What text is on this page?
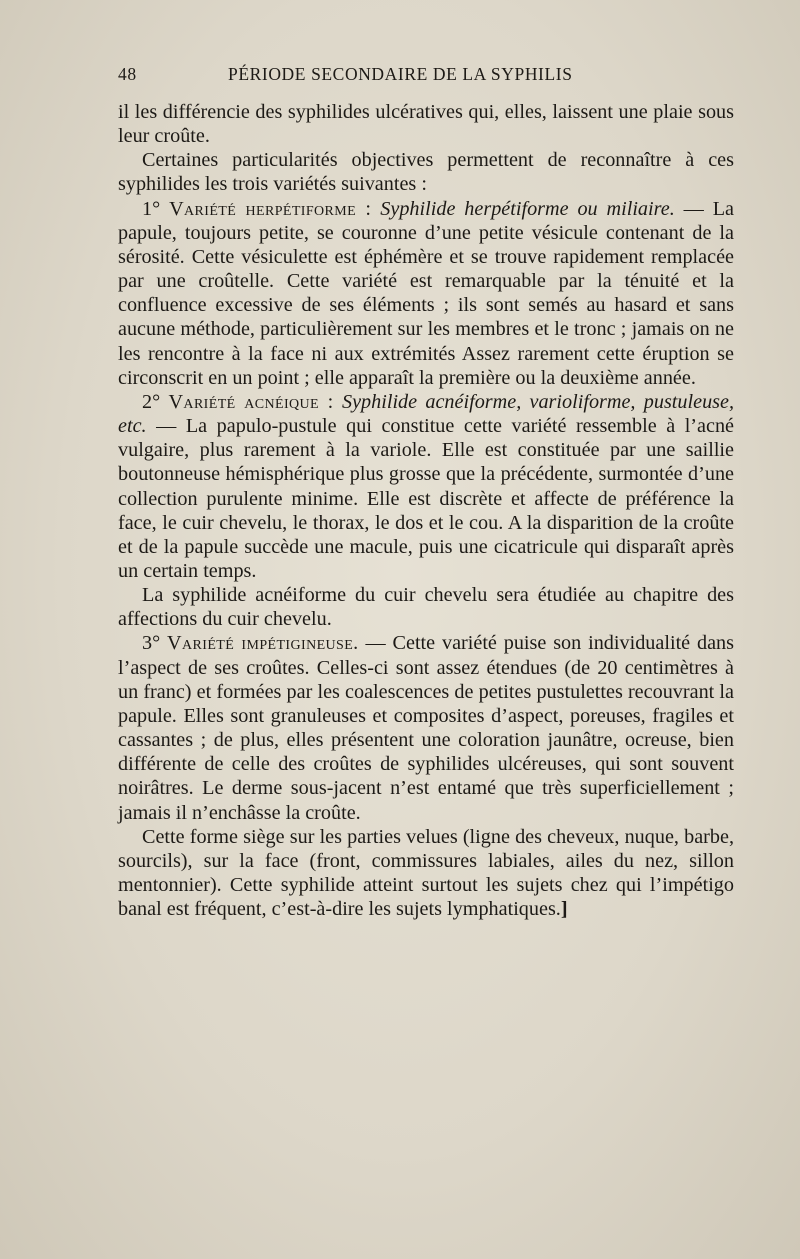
48	PÉRIODE SECONDAIRE DE LA SYPHILIS

il les différencie des syphilides ulcératives qui, elles, laissent une plaie sous leur croûte.

Certaines particularités objectives permettent de reconnaître à ces syphilides les trois variétés suivantes :

1° Variété herpétiforme : Syphilide herpétiforme ou miliaire. — La papule, toujours petite, se couronne d’une petite vésicule contenant de la sérosité. Cette vésiculette est éphémère et se trouve rapidement remplacée par une croûtelle. Cette variété est remarquable par la ténuité et la confluence excessive de ses éléments ; ils sont semés au hasard et sans aucune méthode, particulièrement sur les membres et le tronc ; jamais on ne les rencontre à la face ni aux extrémités Assez rarement cette éruption se circonscrit en un point ; elle apparaît la première ou la deuxième année.

2° Variété acnéique : Syphilide acnéiforme, varioliforme, pustuleuse, etc. — La papulo-pustule qui constitue cette variété ressemble à l’acné vulgaire, plus rarement à la variole. Elle est constituée par une saillie boutonneuse hémisphérique plus grosse que la précédente, surmontée d’une collection purulente minime. Elle est discrète et affecte de préférence la face, le cuir chevelu, le thorax, le dos et le cou. A la disparition de la croûte et de la papule succède une macule, puis une cicatricule qui disparaît après un certain temps.

La syphilide acnéiforme du cuir chevelu sera étudiée au chapitre des affections du cuir chevelu.

3° Variété impétigineuse. — Cette variété puise son individualité dans l’aspect de ses croûtes. Celles-ci sont assez étendues (de 20 centimètres à un franc) et formées par les coalescences de petites pustulettes recouvrant la papule. Elles sont granuleuses et composites d’aspect, poreuses, fragiles et cassantes ; de plus, elles présentent une coloration jaunâtre, ocreuse, bien différente de celle des croûtes de syphilides ulcéreuses, qui sont souvent noirâtres. Le derme sous-jacent n’est entamé que très superficiellement ; jamais il n’enchâsse la croûte.

Cette forme siège sur les parties velues (ligne des cheveux, nuque, barbe, sourcils), sur la face (front, commissures labiales, ailes du nez, sillon mentonnier). Cette syphilide atteint surtout les sujets chez qui l’impétigo banal est fréquent, c’est-à-dire les sujets lymphatiques.]
